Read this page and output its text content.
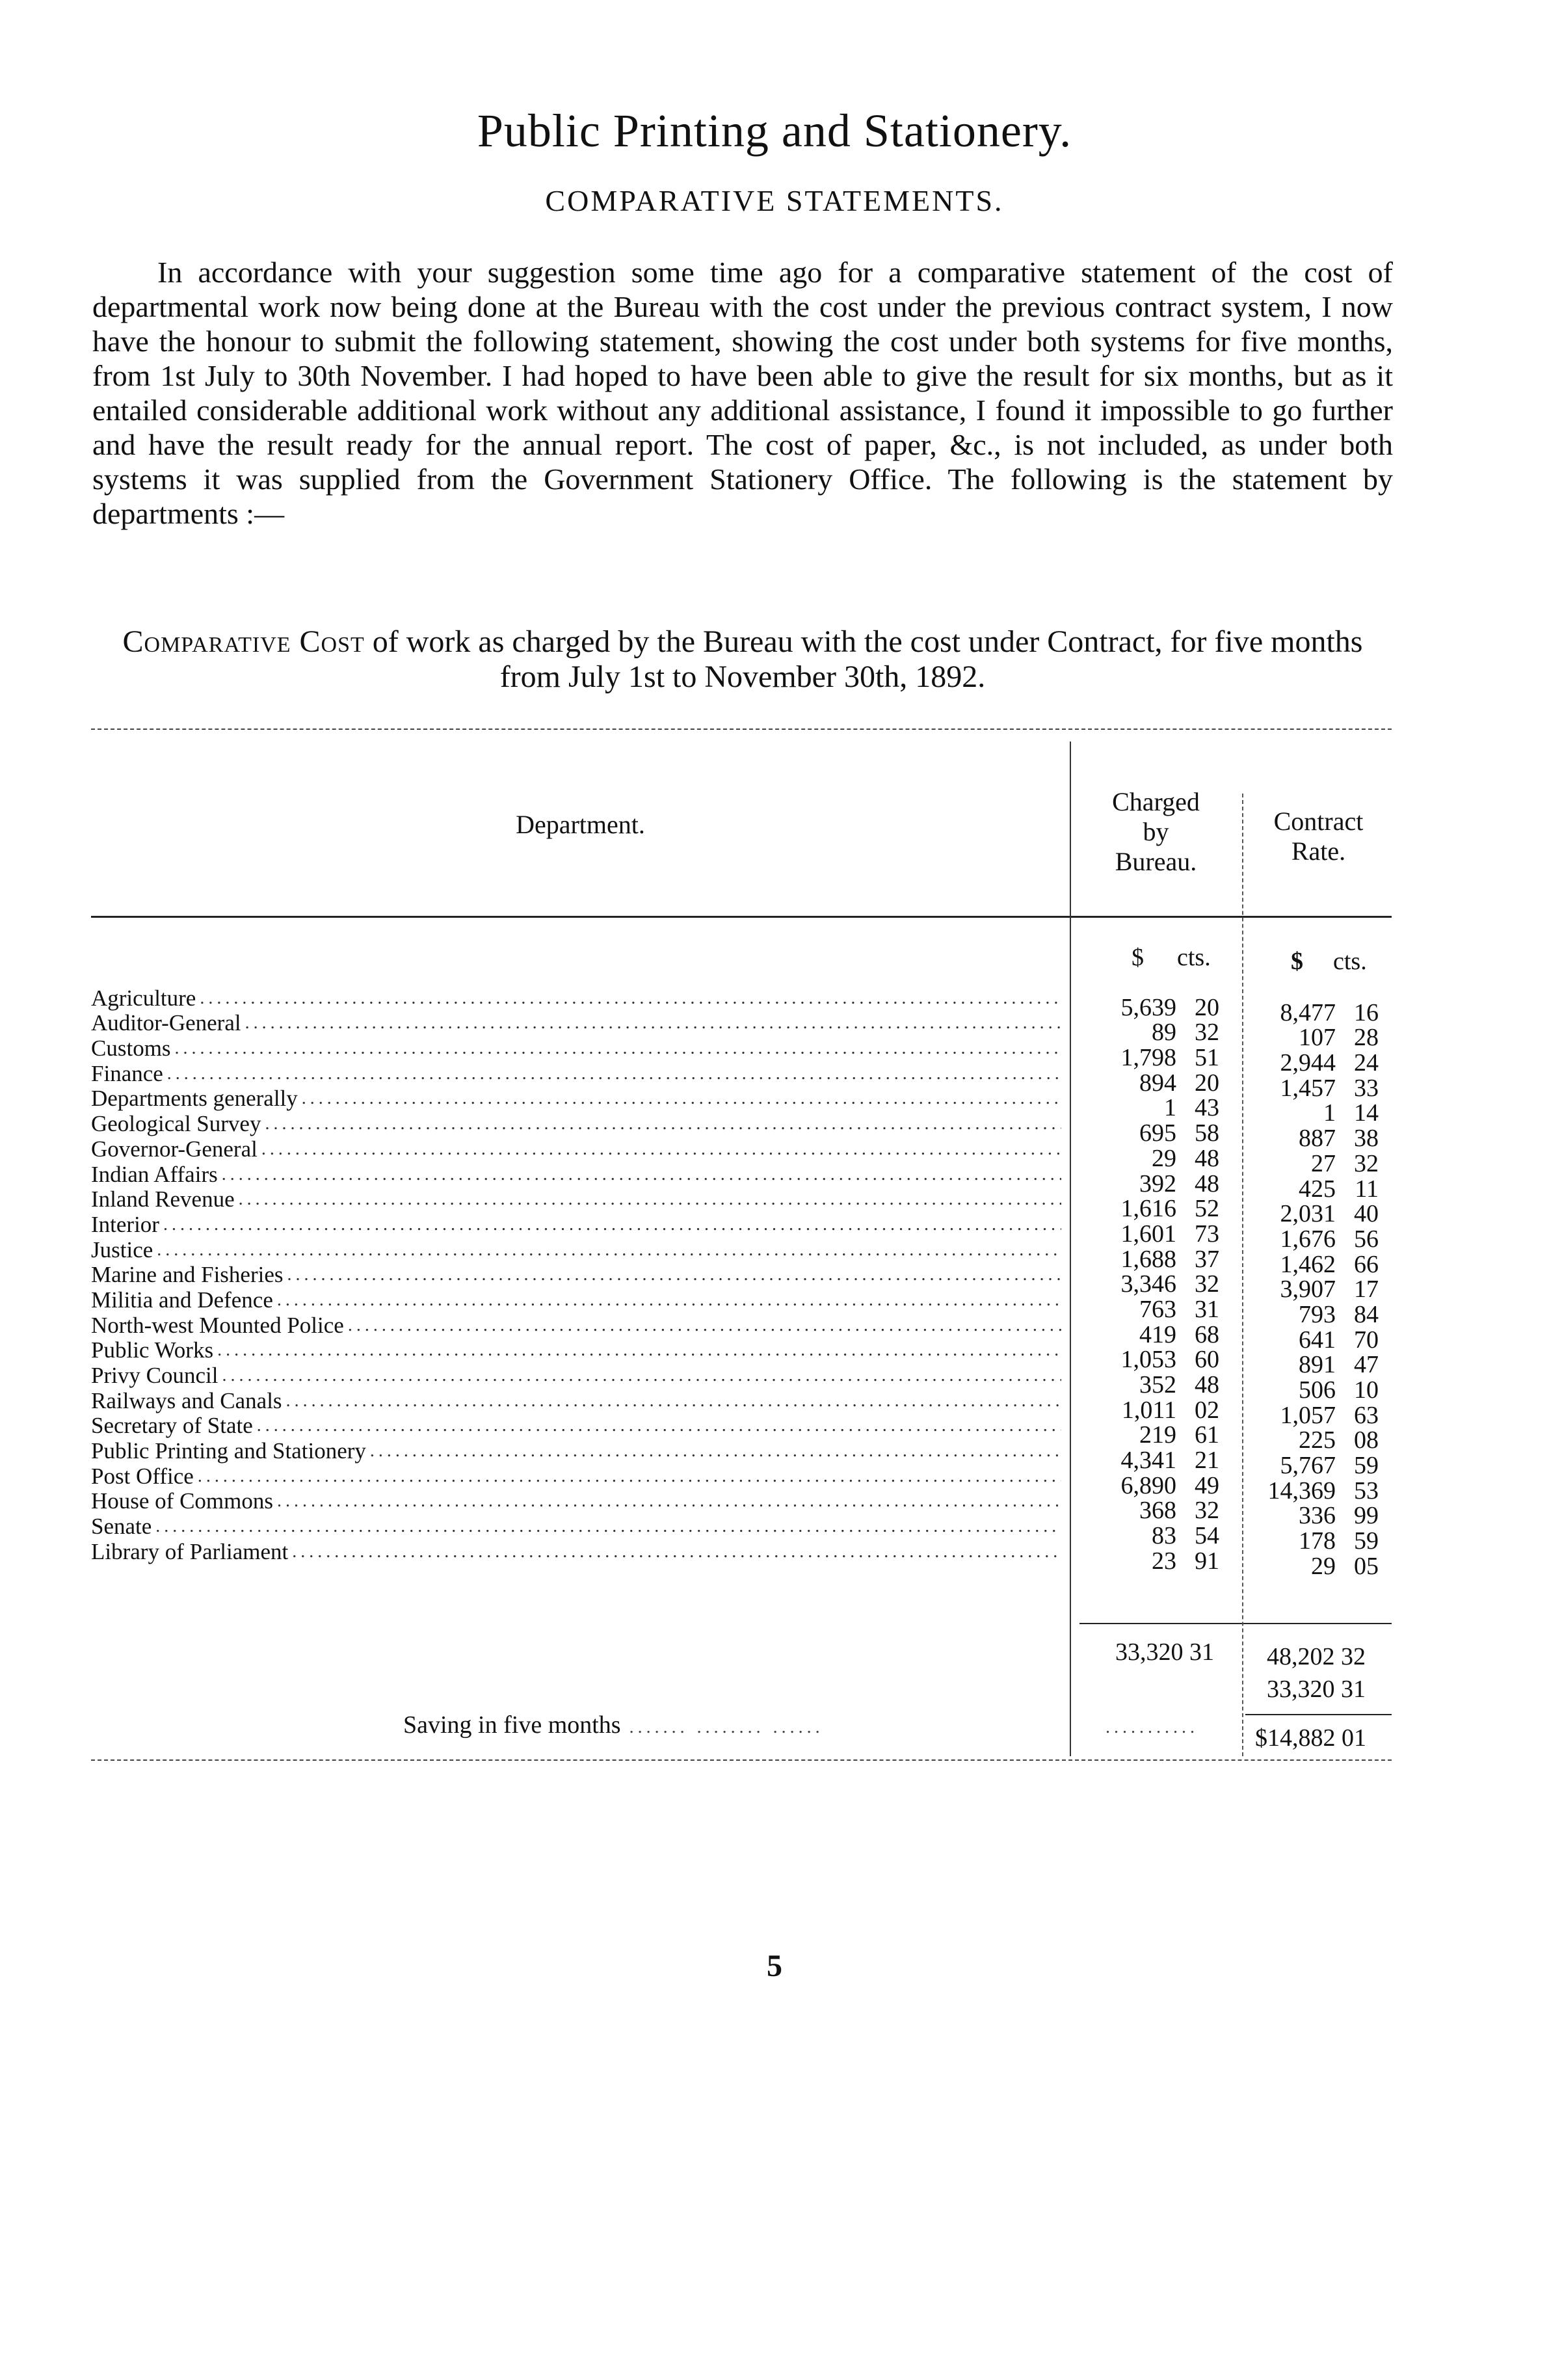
Public Printing and Stationery.
COMPARATIVE STATEMENTS.

In accordance with your suggestion some time ago for a comparative statement of the cost of departmental work now being done at the Bureau with the cost under the previous contract system, I now have the honour to submit the following statement, showing the cost under both systems for five months, from 1st July to 30th November. I had hoped to have been able to give the result for six months, but as it entailed considerable additional work without any additional assistance, I found it impossible to go further and have the result ready for the annual report. The cost of paper, &c., is not included, as under both systems it was supplied from the Government Stationery Office. The following is the statement by departments :—

Comparative Cost of work as charged by the Bureau with the cost under Contract, for five months from July 1st to November 30th, 1892.

Department.
Charged
by
Bureau.
Contract
Rate.
$ cts.	$ cts.
Agriculture
.....
Auditor-General
.....
Customs
.....
Finance
.....
Departments generally
.....
Geological Survey
.....
Governor-General
.....
Indian Affairs
.....
Inland Revenue
.....
Interior
.....
Justice
.....
Marine and Fisheries
.....
Militia and Defence
.....
North-west Mounted Police
.....
Public Works
.....
Privy Council
.....
Railways and Canals
.....
Secretary of State
.....
Public Printing and Stationery
.....
Post Office
.....
House of Commons
.....
Senate
.....
Library of Parliament
.....
5,639 20
89 32
1,798 51
894 20
1 43
695 58
29 48
392 48
1,616 52
1,601 73
1,688 37
3,346 32
763 31
419 68
1,053 60
352 48
1,011 02
219 61
4,341 21
6,890 49
368 32
83 54
23 91
8,477 16
107 28
2,944 24
1,457 33
1 14
887 38
27 32
425 11
2,031 40
1,676 56
1,462 66
3,907 17
793 84
641 70
891 47
506 10
1,057 63
225 08
5,767 59
14,369 53
336 99
178 59
29 05
33,320 31 48,202 32
33,320 31
Saving in five months ....... ........ ......	........... $14,882 01
5
